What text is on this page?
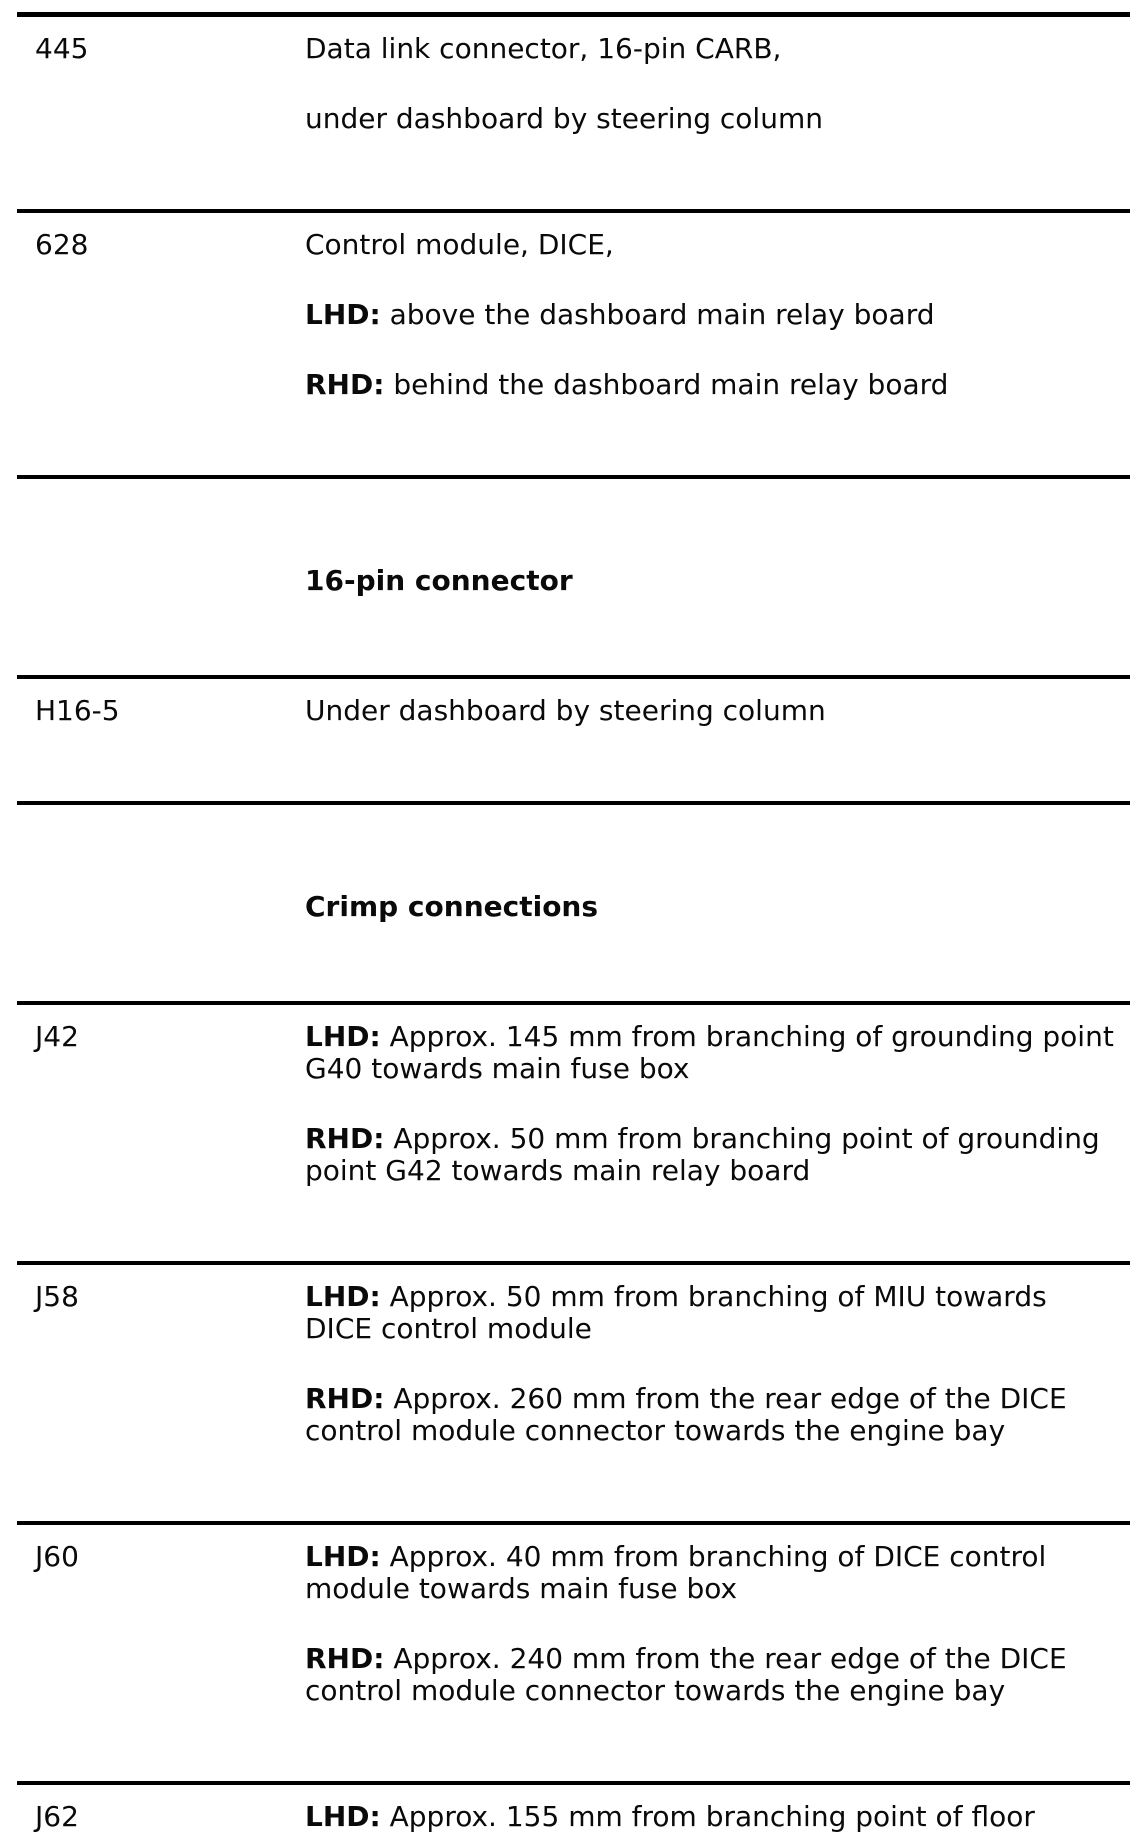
445	Data link connector, 16-pin CARB,

under dashboard by steering column

628	Control module, DICE,

LHD: above the dashboard main relay board

RHD: behind the dashboard main relay board

16-pin connector
H16-5	Under dashboard by steering column

Crimp connections
J42	LHD: Approx. 145 mm from branching of grounding point
G40 towards main fuse box

RHD: Approx. 50 mm from branching point of grounding
point G42 towards main relay board

J58	LHD: Approx. 50 mm from branching of MIU towards
DICE control module

RHD: Approx. 260 mm from the rear edge of the DICE
control module connector towards the engine bay

J60	LHD: Approx. 40 mm from branching of DICE control
module towards main fuse box

RHD: Approx. 240 mm from the rear edge of the DICE
control module connector towards the engine bay

J62	LHD: Approx. 155 mm from branching point of floor
